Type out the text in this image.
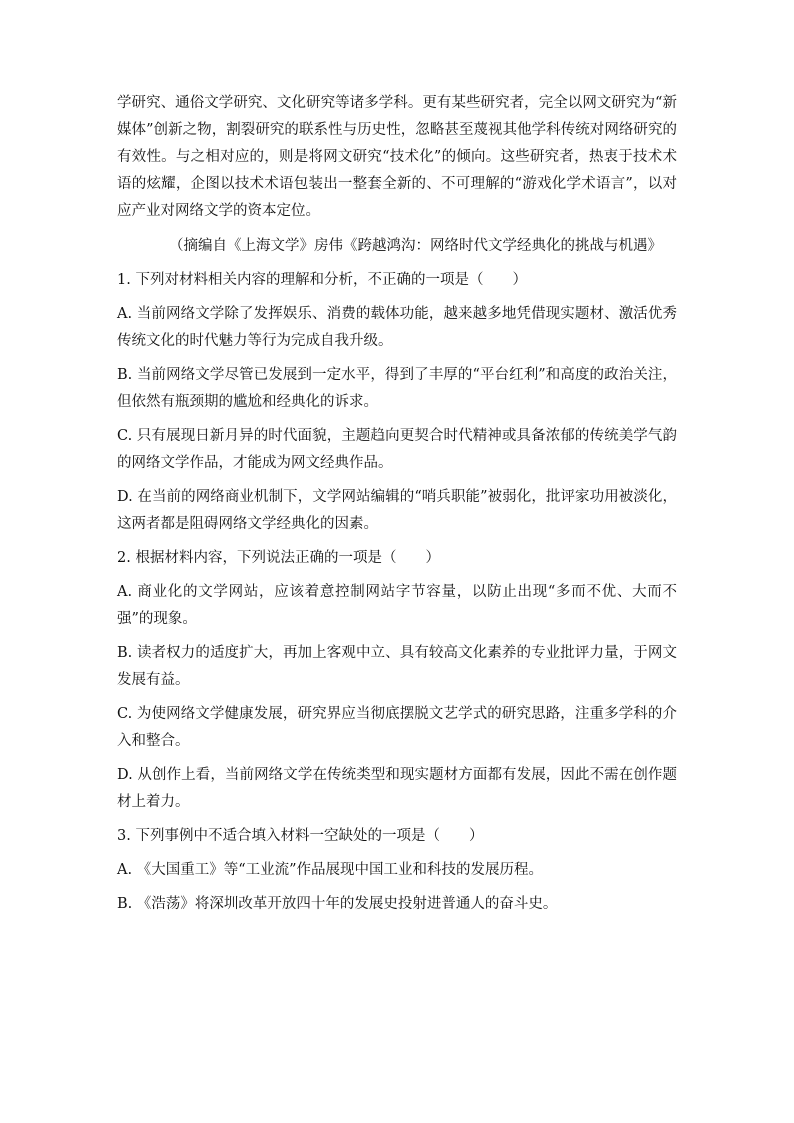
学研究、通俗文学研究、文化研究等诸多学科。更有某些研究者，完全以网文研究为“新媒体”创新之物，割裂研究的联系性与历史性，忽略甚至蔑视其他学科传统对网络研究的有效性。与之相对应的，则是将网文研究“技术化”的倾向。这些研究者，热衷于技术术语的炫耀，企图以技术术语包装出一整套全新的、不可理解的“游戏化学术语言”，以对应产业对网络文学的资本定位。

（摘编自《上海文学》房伟《跨越鸿沟：网络时代文学经典化的挑战与机遇》

1. 下列对材料相关内容的理解和分析，不正确的一项是（　　）

A. 当前网络文学除了发挥娱乐、消费的载体功能，越来越多地凭借现实题材、激活优秀传统文化的时代魅力等行为完成自我升级。

B. 当前网络文学尽管已发展到一定水平，得到了丰厚的“平台红利”和高度的政治关注，但依然有瓶颈期的尴尬和经典化的诉求。

C. 只有展现日新月异的时代面貌，主题趋向更契合时代精神或具备浓郁的传统美学气韵的网络文学作品，才能成为网文经典作品。

D. 在当前的网络商业机制下，文学网站编辑的“哨兵职能”被弱化，批评家功用被淡化，这两者都是阻碍网络文学经典化的因素。

2. 根据材料内容，下列说法正确的一项是（　　）

A. 商业化的文学网站，应该着意控制网站字节容量，以防止出现“多而不优、大而不强”的现象。

B. 读者权力的适度扩大，再加上客观中立、具有较高文化素养的专业批评力量，于网文发展有益。

C. 为使网络文学健康发展，研究界应当彻底摆脱文艺学式的研究思路，注重多学科的介入和整合。

D. 从创作上看，当前网络文学在传统类型和现实题材方面都有发展，因此不需在创作题材上着力。

3. 下列事例中不适合填入材料一空缺处的一项是（　　）

A. 《大国重工》等“工业流”作品展现中国工业和科技的发展历程。

B. 《浩荡》将深圳改革开放四十年的发展史投射进普通人的奋斗史。
